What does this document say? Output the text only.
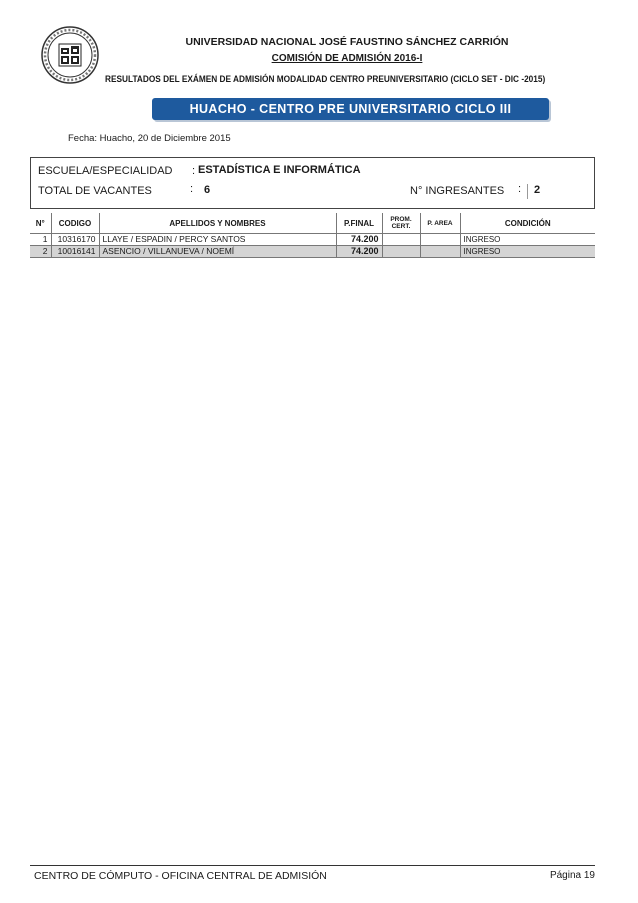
UNIVERSIDAD NACIONAL JOSÉ FAUSTINO SÁNCHEZ CARRIÓN
COMISIÓN DE ADMISIÓN 2016-I
RESULTADOS DEL EXÁMEN DE ADMISIÓN MODALIDAD CENTRO PREUNIVERSITARIO (CICLO SET - DIC -2015)
HUACHO - CENTRO PRE UNIVERSITARIO CICLO III
Fecha: Huacho, 20 de Diciembre 2015
ESCUELA/ESPECIALIDAD : ESTADÍSTICA E INFORMÁTICA
TOTAL DE VACANTES	: 6	N° INGRESANTES : 2
N°	CODIGO	APELLIDOS Y NOMBRES	P.FINAL	PROM.
CERT.	P. AREA	CONDICIÓN
1	10316170	LLAYE / ESPADIN / PERCY SANTOS	74.200			INGRESO
2	10016141	ASENCIO / VILLANUEVA / NOEMÍ	74.200			INGRESO
CENTRO DE CÓMPUTO - OFICINA CENTRAL DE ADMISIÓN	Página 19
